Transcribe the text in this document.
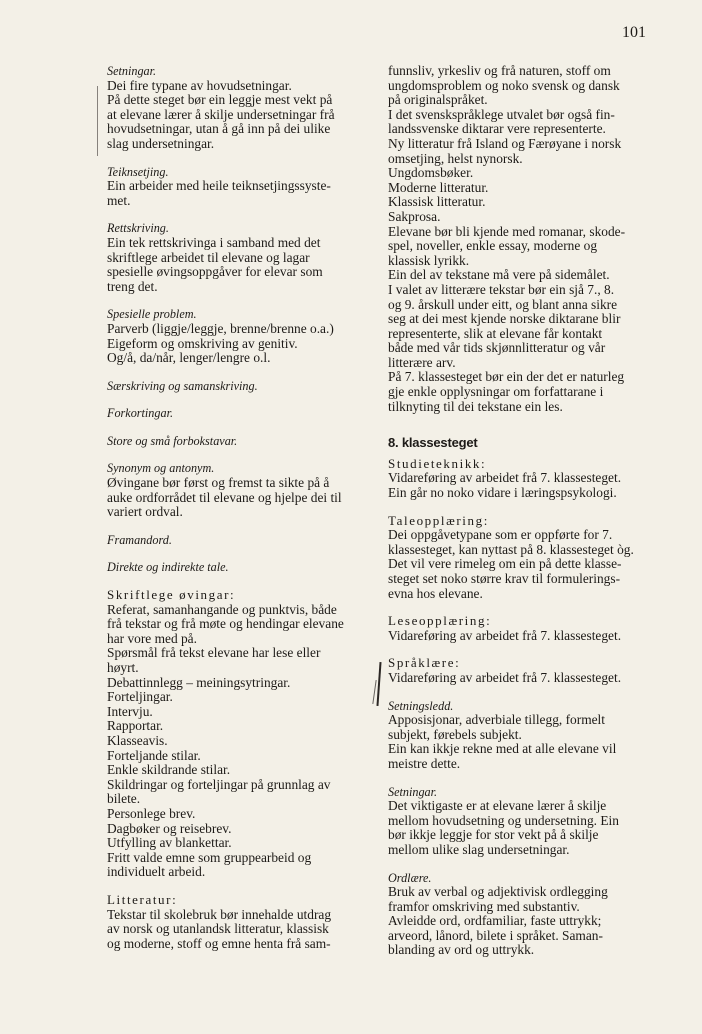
101
Setningar.
Dei fire typane av hovudsetningar.
På dette steget bør ein leggje mest vekt på
at elevane lærer å skilje undersetningar frå
hovudsetningar, utan å gå inn på dei ulike
slag undersetningar.
Teiknsetjing.
Ein arbeider med heile teiknsetjingssyste-
met.
Rettskriving.
Ein tek rettskrivinga i samband med det
skriftlege arbeidet til elevane og lagar
spesielle øvingsoppgåver for elevar som
treng det.
Spesielle problem.
Parverb (liggje/leggje, brenne/brenne o.a.)
Eigeform og omskriving av genitiv.
Og/å, da/når, lenger/lengre o.l.
Særskriving og samanskriving.
Forkortingar.
Store og små forbokstavar.
Synonym og antonym.
Øvingane bør først og fremst ta sikte på å
auke ordforrådet til elevane og hjelpe dei til
variert ordval.
Framandord.
Direkte og indirekte tale.
Skriftlege øvingar:
Referat, samanhangande og punktvis, både
frå tekstar og frå møte og hendingar elevane
har vore med på.
Spørsmål frå tekst elevane har lese eller
høyrt.
Debattinnlegg – meiningsytringar.
Forteljingar.
Intervju.
Rapportar.
Klasseavis.
Forteljande stilar.
Enkle skildrande stilar.
Skildringar og forteljingar på grunnlag av
bilete.
Personlege brev.
Dagbøker og reisebrev.
Utfylling av blankettar.
Fritt valde emne som gruppearbeid og
individuelt arbeid.
Litteratur:
Tekstar til skolebruk bør innehalde utdrag
av norsk og utanlandsk litteratur, klassisk
og moderne, stoff og emne henta frå sam-
funnsliv, yrkesliv og frå naturen, stoff om
ungdomsproblem og noko svensk og dansk
på originalspråket.
I det svenskspråklege utvalet bør også fin-
landssvenske diktarar vere representerte.
Ny litteratur frå Island og Færøyane i norsk
omsetjing, helst nynorsk.
Ungdomsbøker.
Moderne litteratur.
Klassisk litteratur.
Sakprosa.
Elevane bør bli kjende med romanar, skode-
spel, noveller, enkle essay, moderne og
klassisk lyrikk.
Ein del av tekstane må vere på sidemålet.
I valet av litterære tekstar bør ein sjå 7., 8.
og 9. årskull under eitt, og blant anna sikre
seg at dei mest kjende norske diktarane blir
representerte, slik at elevane får kontakt
både med vår tids skjønnlitteratur og vår
litterære arv.
På 7. klassesteget bør ein der det er naturleg
gje enkle opplysningar om forfattarane i
tilknyting til dei tekstane ein les.
8. klassesteget
Studieteknikk:
Vidareføring av arbeidet frå 7. klassesteget.
Ein går no noko vidare i læringspsykologi.
Taleopplæring:
Dei oppgåvetypane som er oppførte for 7.
klassesteget, kan nyttast på 8. klassesteget òg.
Det vil vere rimeleg om ein på dette klasse-
steget set noko større krav til formulerings-
evna hos elevane.
Leseopplæring:
Vidareføring av arbeidet frå 7. klassesteget.
Språklære:
Vidareføring av arbeidet frå 7. klassesteget.
Setningsledd.
Apposisjonar, adverbiale tillegg, formelt
subjekt, førebels subjekt.
Ein kan ikkje rekne med at alle elevane vil
meistre dette.
Setningar.
Det viktigaste er at elevane lærer å skilje
mellom hovudsetning og undersetning. Ein
bør ikkje leggje for stor vekt på å skilje
mellom ulike slag undersetningar.
Ordlære.
Bruk av verbal og adjektivisk ordlegging
framfor omskriving med substantiv.
Avleidde ord, ordfamiliar, faste uttrykk;
arveord, lånord, bilete i språket. Saman-
blanding av ord og uttrykk.
